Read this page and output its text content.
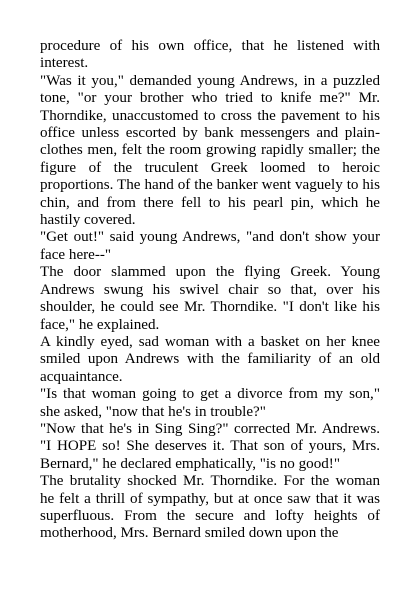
procedure of his own office, that he listened with interest.

"Was it you," demanded young Andrews, in a puzzled tone, "or your brother who tried to knife me?" Mr. Thorndike, unaccustomed to cross the pavement to his office unless escorted by bank messengers and plain-clothes men, felt the room growing rapidly smaller; the figure of the truculent Greek loomed to heroic proportions. The hand of the banker went vaguely to his chin, and from there fell to his pearl pin, which he hastily covered.

"Get out!" said young Andrews, "and don't show your face here--"

The door slammed upon the flying Greek. Young Andrews swung his swivel chair so that, over his shoulder, he could see Mr. Thorndike. "I don't like his face," he explained.

A kindly eyed, sad woman with a basket on her knee smiled upon Andrews with the familiarity of an old acquaintance.

"Is that woman going to get a divorce from my son," she asked, "now that he's in trouble?"

"Now that he's in Sing Sing?" corrected Mr. Andrews. "I HOPE so! She deserves it. That son of yours, Mrs. Bernard," he declared emphatically, "is no good!"

The brutality shocked Mr. Thorndike. For the woman he felt a thrill of sympathy, but at once saw that it was superfluous. From the secure and lofty heights of motherhood, Mrs. Bernard smiled down upon the
